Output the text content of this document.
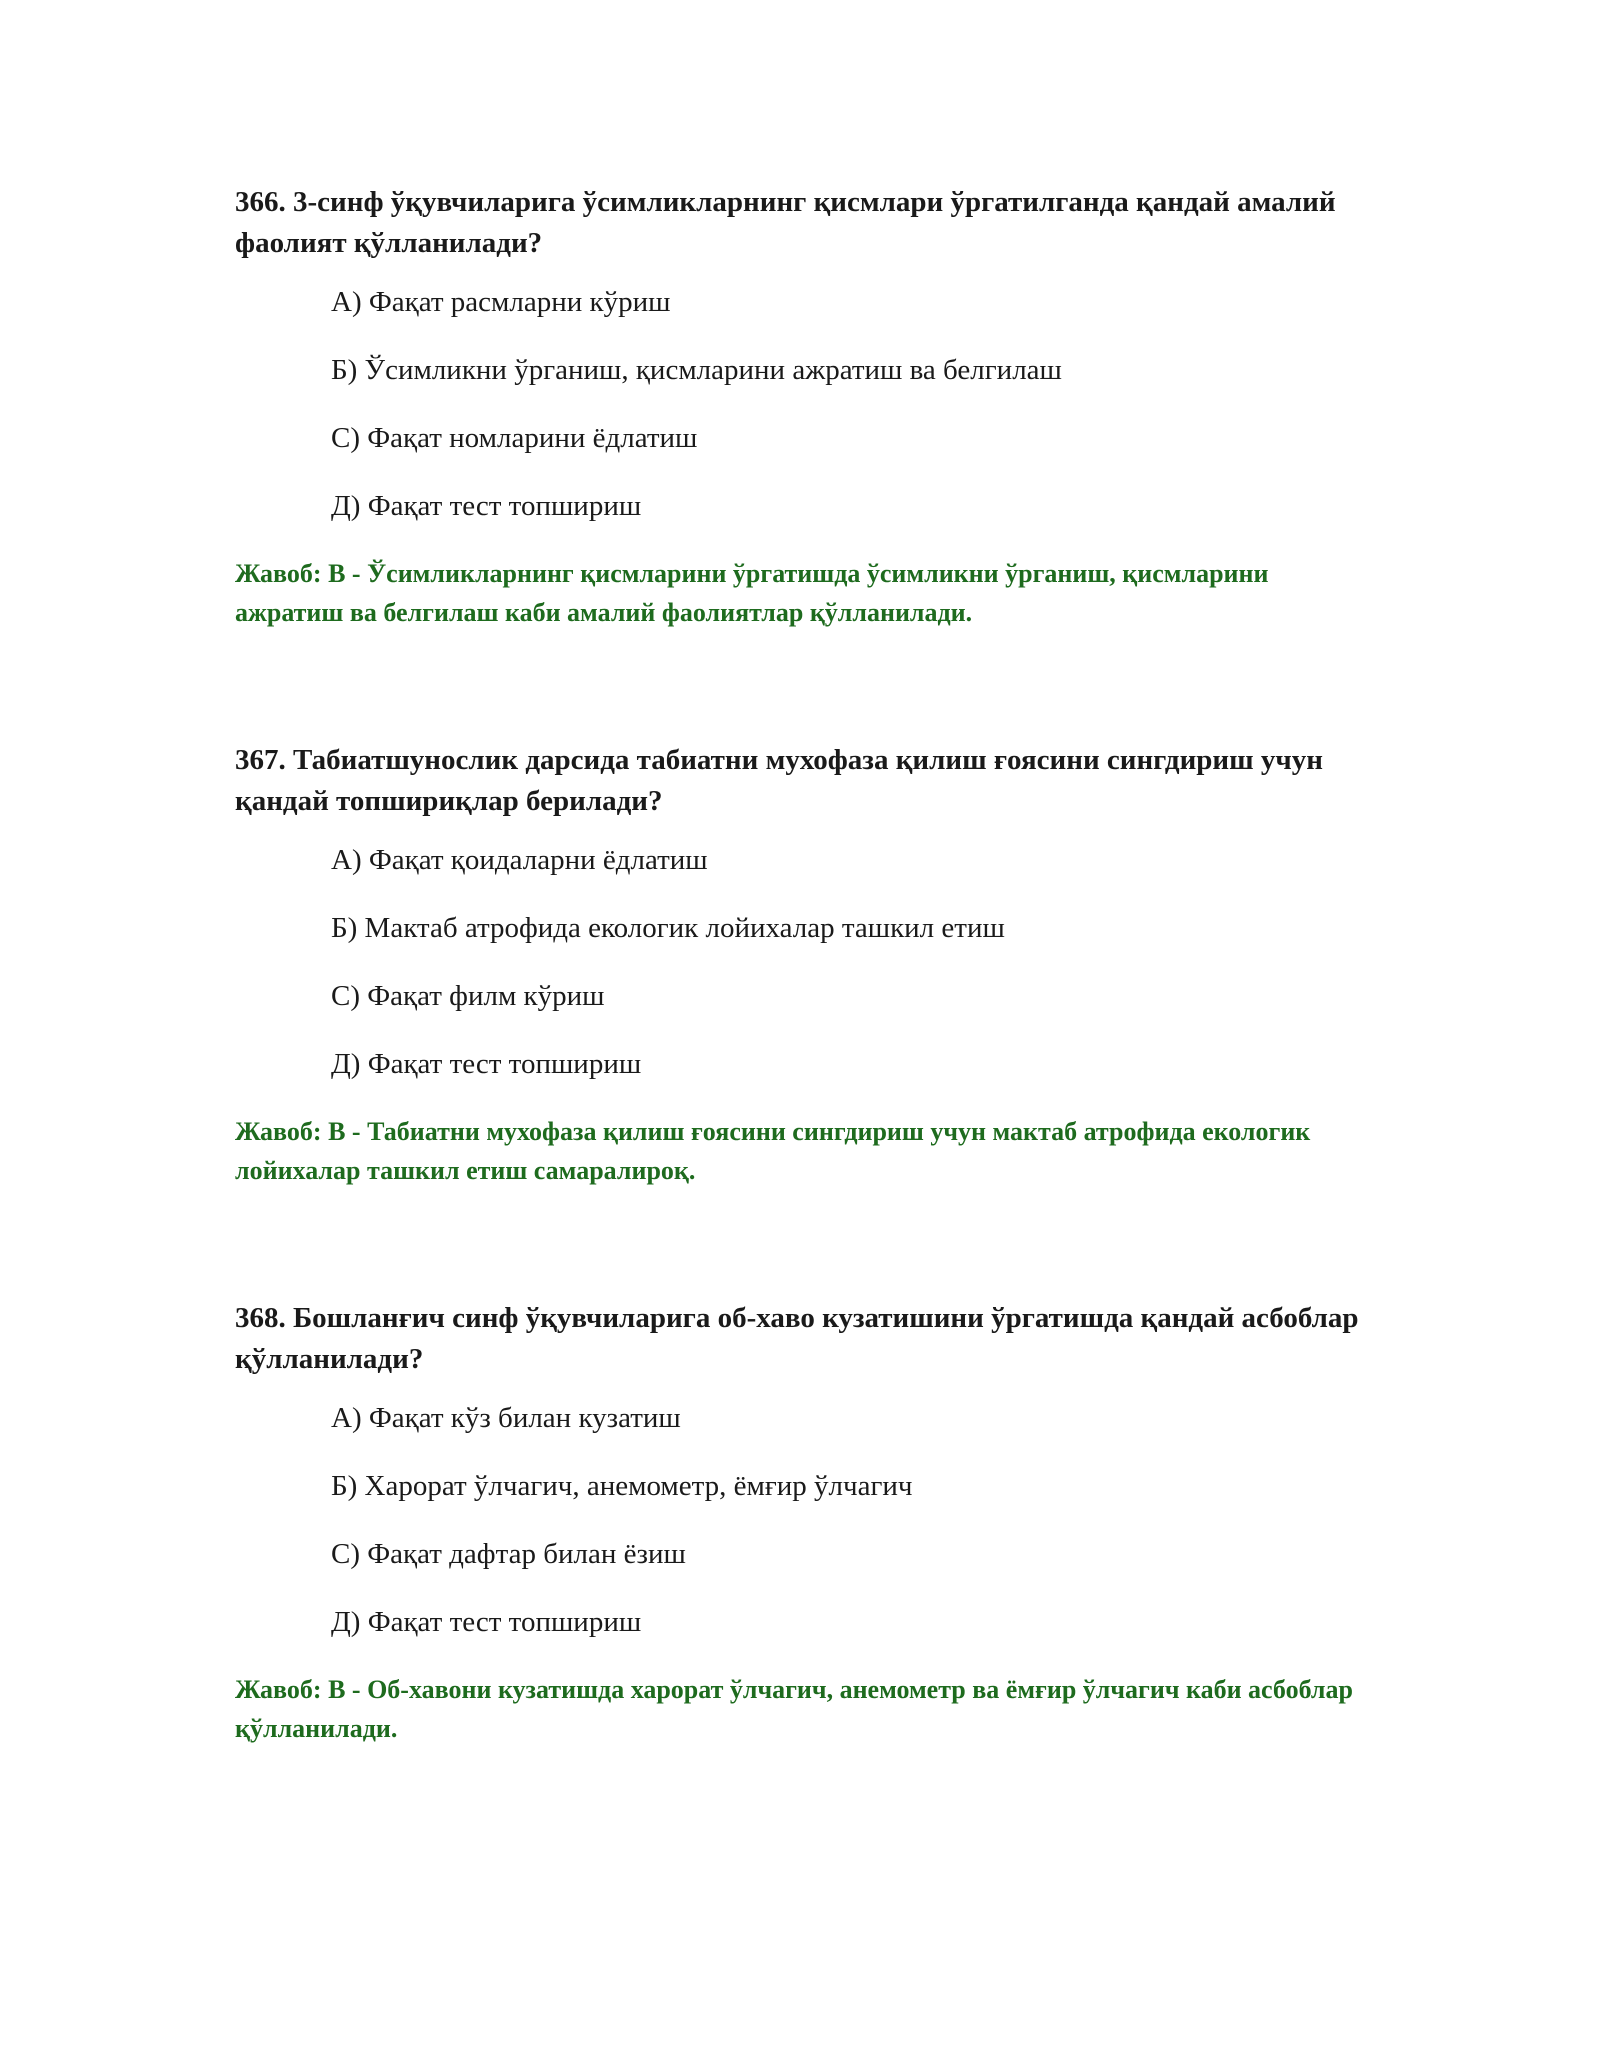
366. 3-синф ўқувчиларига ўсимликларнинг қисмлари ўргатилганда қандай амалий фаолият қўлланилади?

А) Фақат расмларни кўриш
Б) Ўсимликни ўрганиш, қисмларини ажратиш ва белгилаш
С) Фақат номларини ёдлатиш
Д) Фақат тест топшириш

Жавоб: B - Ўсимликларнинг қисмларини ўргатишда ўсимликни ўрганиш, қисмларини ажратиш ва белгилаш каби амалий фаолиятлар қўлланилади.

367. Табиатшунослик дарсида табиатни мухофаза қилиш ғоясини сингдириш учун қандай топшириқлар берилади?

А) Фақат қоидаларни ёдлатиш
Б) Мактаб атрофида екологик лойихалар ташкил етиш
С) Фақат филм кўриш
Д) Фақат тест топшириш

Жавоб: B - Табиатни мухофаза қилиш ғоясини сингдириш учун мактаб атрофида екологик лойихалар ташкил етиш самаралироқ.

368. Бошланғич синф ўқувчиларига об-хаво кузатишини ўргатишда қандай асбоблар қўлланилади?

А) Фақат кўз билан кузатиш
Б) Харорат ўлчагич, анемометр, ёмғир ўлчагич
С) Фақат дафтар билан ёзиш
Д) Фақат тест топшириш

Жавоб: B - Об-хавони кузатишда харорат ўлчагич, анемометр ва ёмғир ўлчагич каби асбоблар қўлланилади.
